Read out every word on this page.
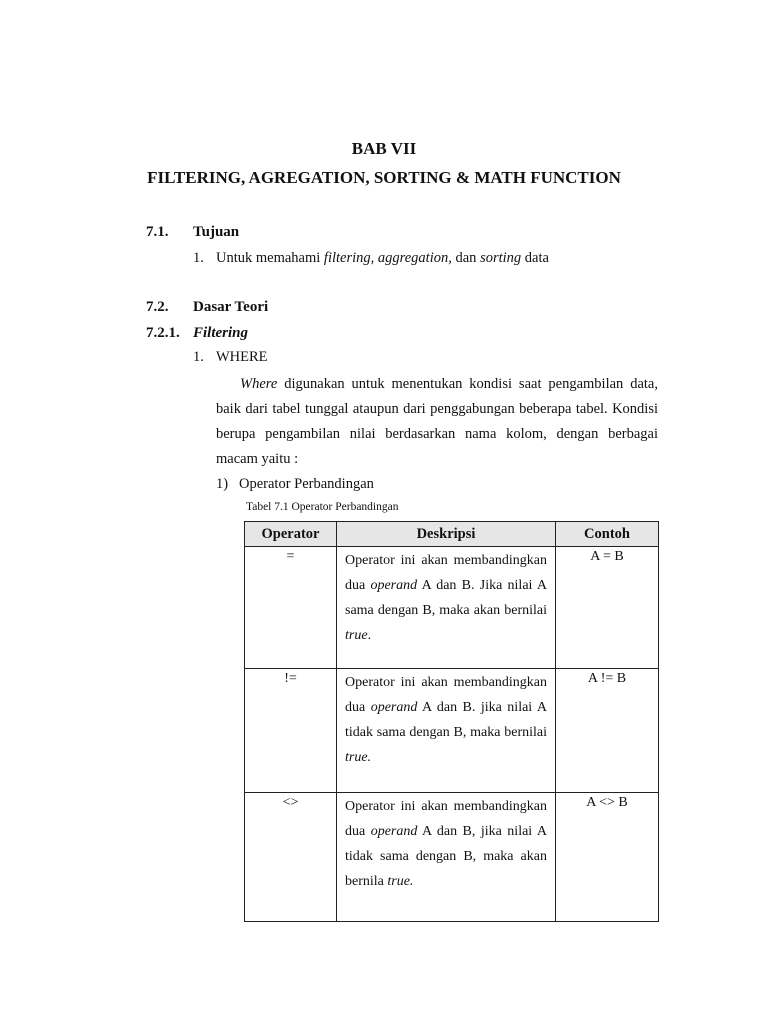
BAB VII
FILTERING, AGREGATION, SORTING & MATH FUNCTION
7.1. Tujuan
1. Untuk memahami filtering, aggregation, dan sorting data
7.2. Dasar Teori
7.2.1. Filtering
1. WHERE
Where digunakan untuk menentukan kondisi saat pengambilan data, baik dari tabel tunggal ataupun dari penggabungan beberapa tabel. Kondisi berupa pengambilan nilai berdasarkan nama kolom, dengan berbagai macam yaitu :
1) Operator Perbandingan
Tabel 7.1 Operator Perbandingan
Operator	Deskripsi	Contoh
=	Operator ini akan membandingkan dua operand A dan B. Jika nilai A sama dengan B, maka akan bernilai true.	A = B
!=	Operator ini akan membandingkan dua operand A dan B. jika nilai A tidak sama dengan B, maka bernilai true.	A != B
<>	Operator ini akan membandingkan dua operand A dan B, jika nilai A tidak sama dengan B, maka akan bernila true.	A <> B
